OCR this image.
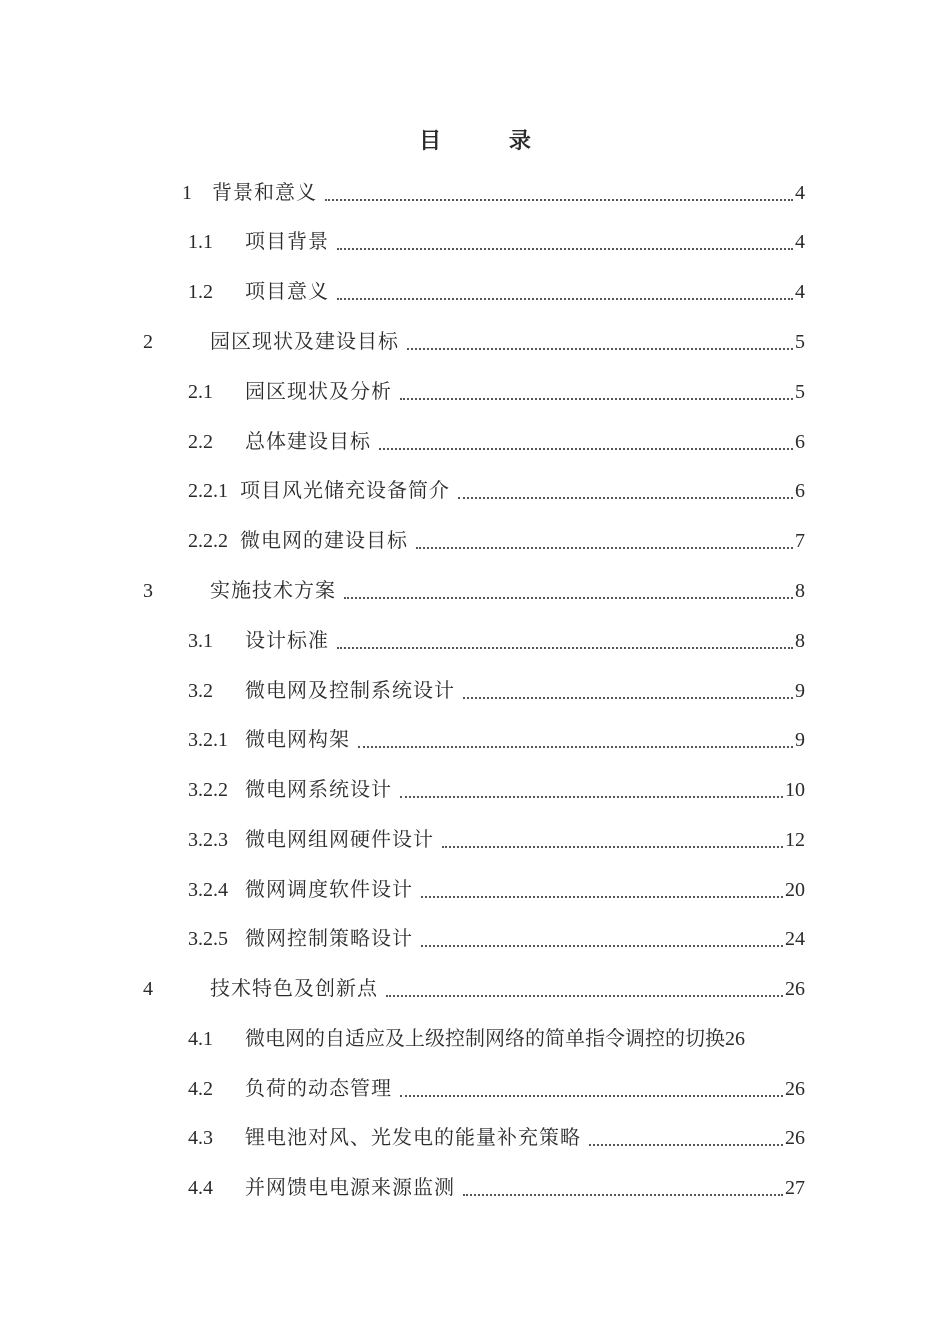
目 录
1	背景和意义	4
1.1	项目背景	4
1.2	项目意义	4
2	园区现状及建设目标	5
2.1	园区现状及分析	5
2.2	总体建设目标	6
2.2.1 项目风光储充设备简介	6
2.2.2 微电网的建设目标	7
3	实施技术方案	8
3.1	设计标准	8
3.2	微电网及控制系统设计	9
3.2.1 微电网构架	9
3.2.2 微电网系统设计	10
3.2.3 微电网组网硬件设计	12
3.2.4 微网调度软件设计	20
3.2.5 微网控制策略设计	24
4	技术特色及创新点	26
4.1	微电网的自适应及上级控制网络的简单指令调控的切换 26
4.2	负荷的动态管理	26
4.3	锂电池对风、光发电的能量补充策略	26
4.4	并网馈电电源来源监测	27
